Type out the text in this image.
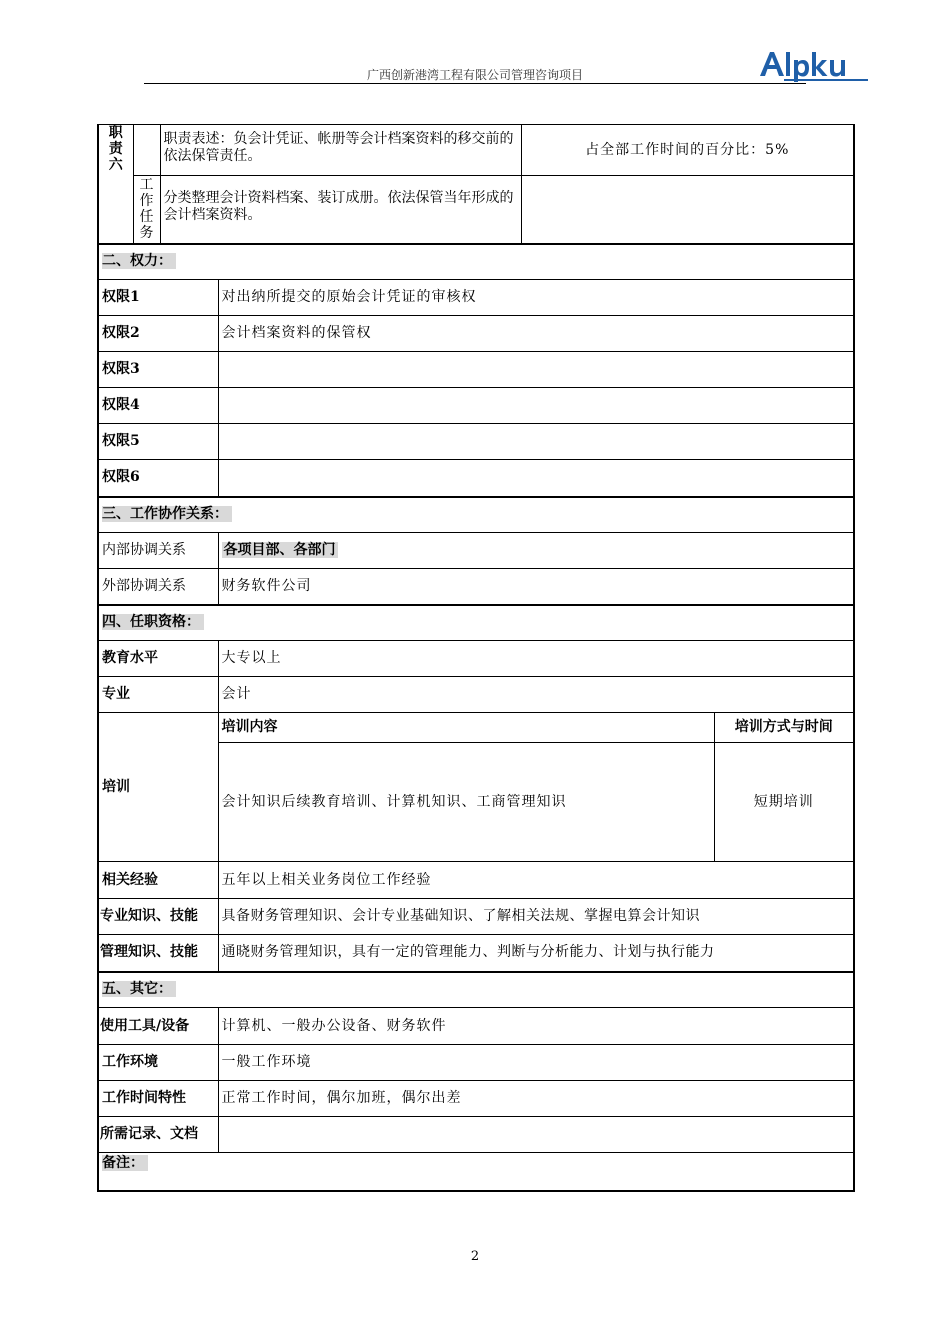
广西创新港湾工程有限公司管理咨询项目
职责六		职责表述：负会计凭证、帐册等会计档案资料的移交前的依法保管责任。		占全部工作时间的百分比：5%	

	工作任务	分类整理会计资料档案、装订成册。依法保管当年形成的会计档案资料。			
二、权力：					
权限1			对出纳所提交的原始会计凭证的审核权		
权限2			会计档案资料的保管权		
权限3					
权限4					
权限5					
权限6					
三、工作协作关系：					
内部协调关系			各项目部、各部门		
外部协调关系			财务软件公司		
四、任职资格：					
教育水平			大专以上		
专业			会计		
培训			培训内容		培训方式与时间
			会计知识后续教育培训、计算机知识、工商管理知识		短期培训
相关经验			五年以上相关业务岗位工作经验		
专业知识、技能			具备财务管理知识、会计专业基础知识、了解相关法规、掌握电算会计知识		
管理知识、技能			通晓财务管理知识，具有一定的管理能力、判断与分析能力、计划与执行能力		
五、其它：					
使用工具/设备			计算机、一般办公设备、财务软件		
工作环境			一般工作环境		
工作时间特性			正常工作时间，偶尔加班，偶尔出差		
所需记录、文档					
备注：					
2
